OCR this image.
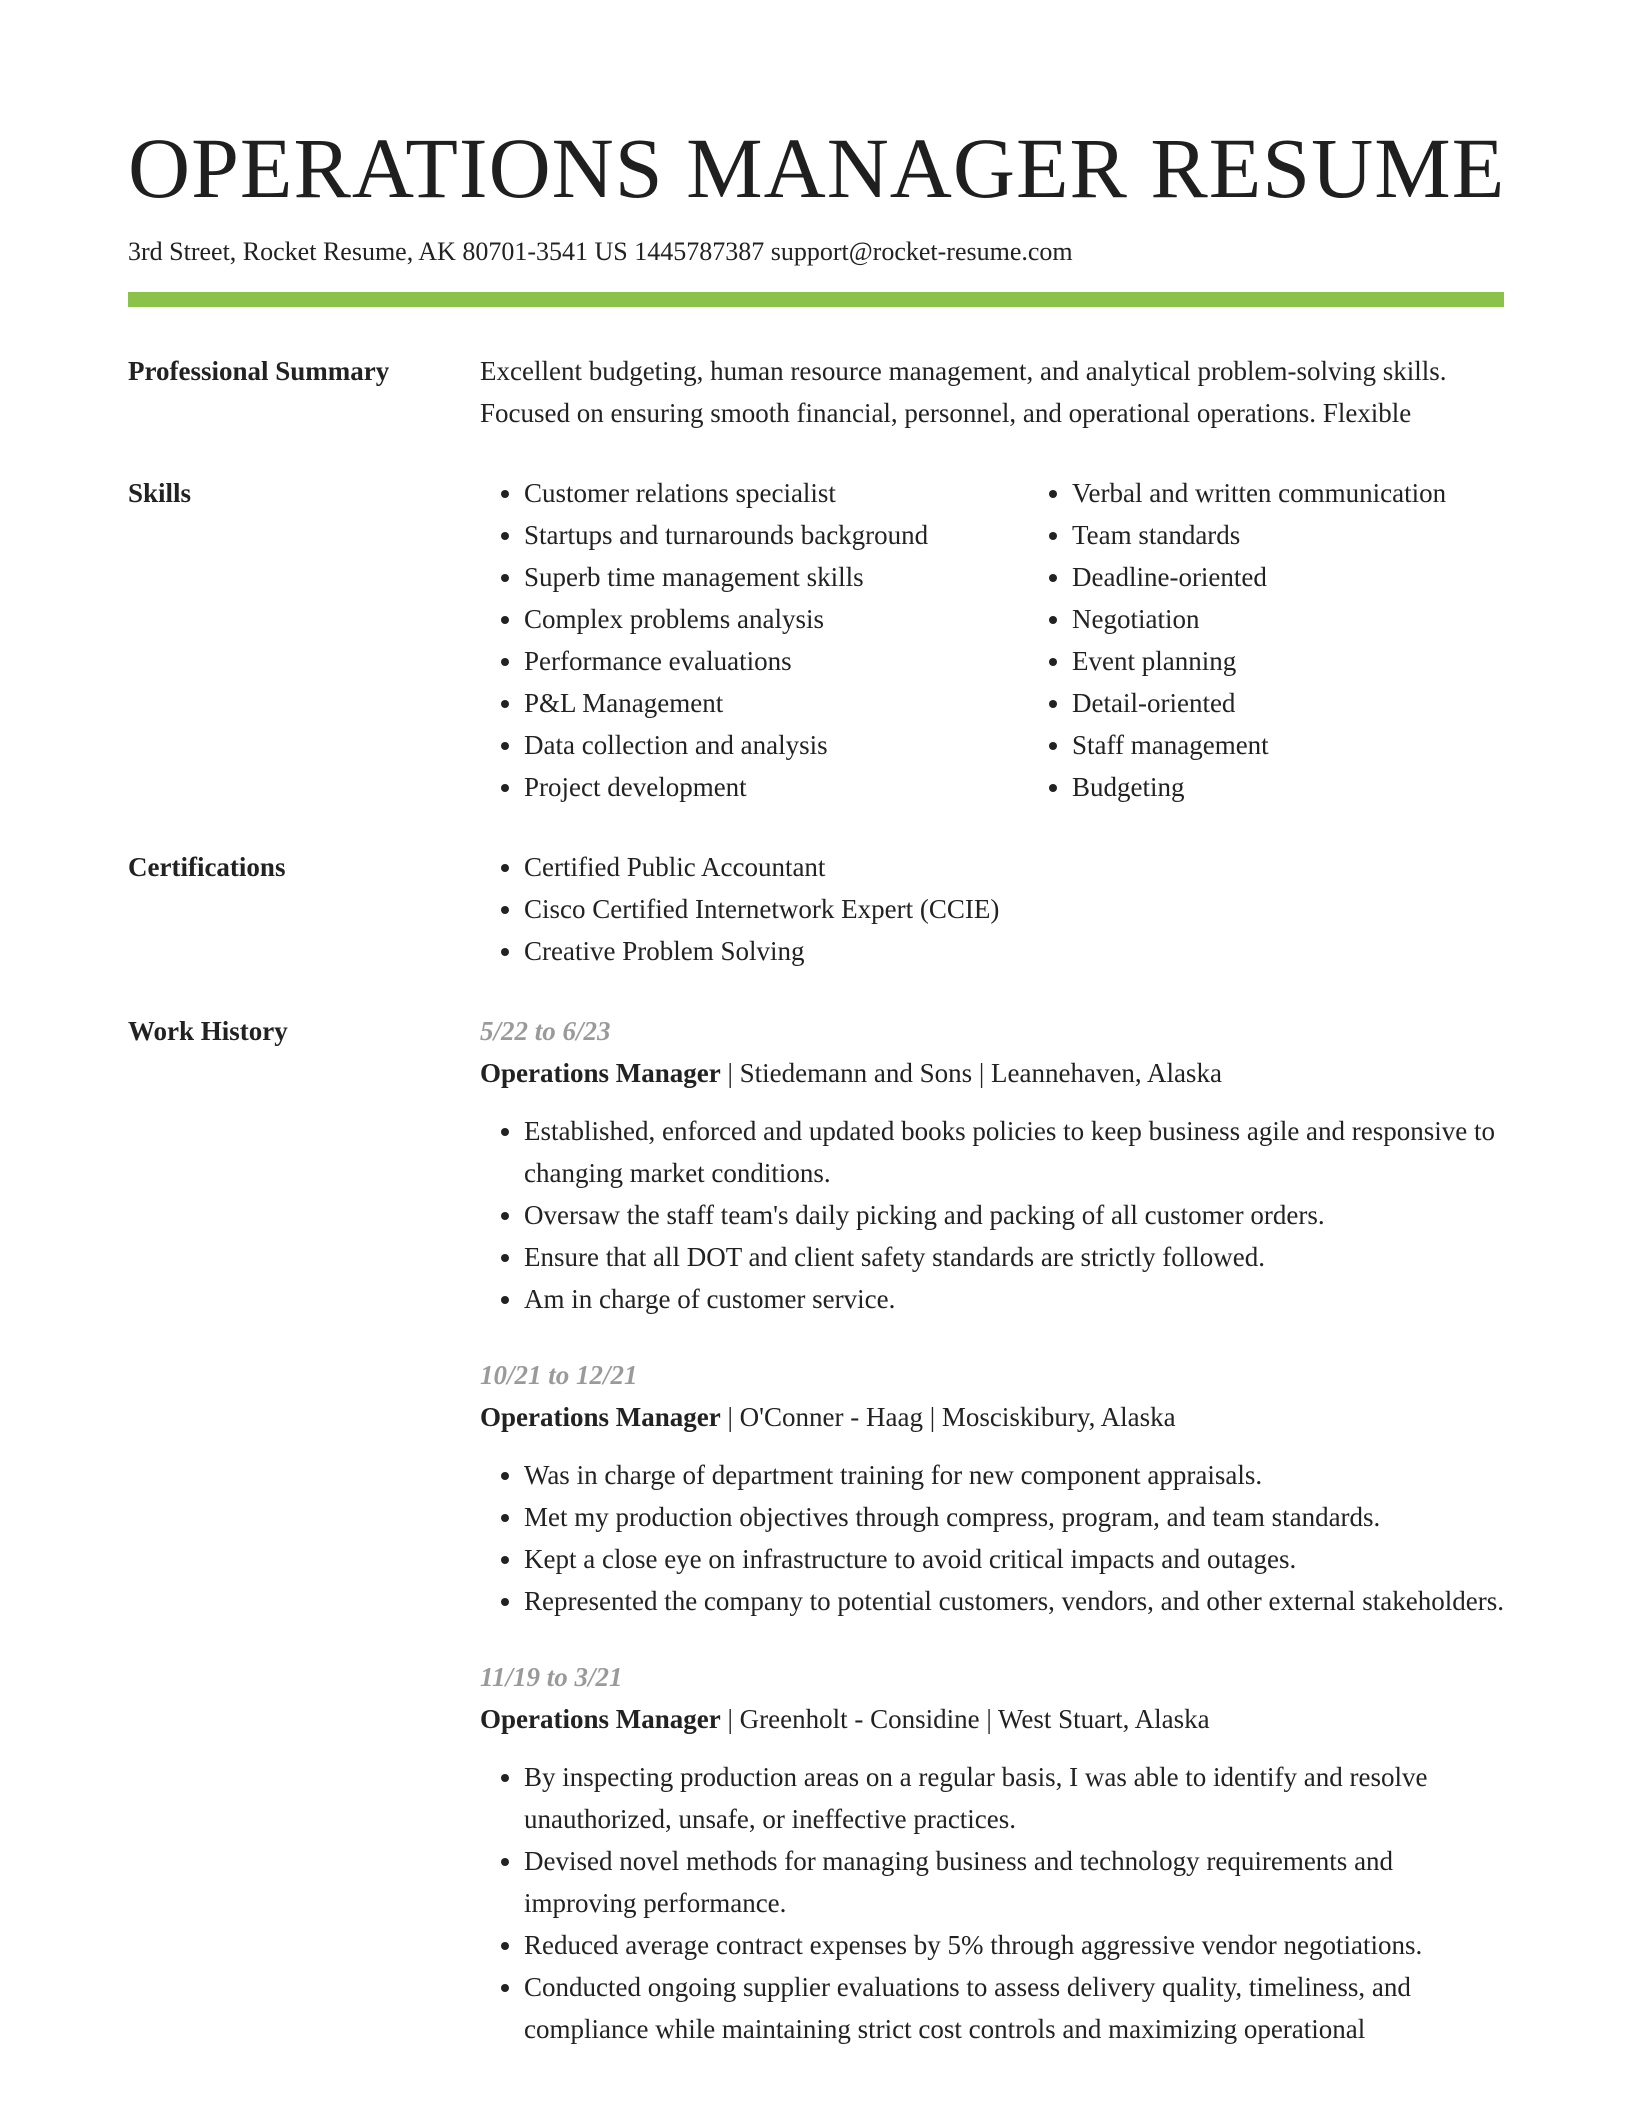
OPERATIONS MANAGER RESUME
3rd Street, Rocket Resume, AK 80701-3541 US 1445787387 support@rocket-resume.com
Professional Summary	Excellent budgeting, human resource management, and analytical problem-solving skills. Focused on ensuring smooth financial, personnel, and operational operations. Flexible

Skills	• Customer relations specialist
• Startups and turnarounds background
• Superb time management skills
• Complex problems analysis
• Performance evaluations
• P&L Management
• Data collection and analysis
• Project development
• Verbal and written communication
• Team standards
• Deadline-oriented
• Negotiation
• Event planning
• Detail-oriented
• Staff management
• Budgeting
Certifications	• Certified Public Accountant
• Cisco Certified Internetwork Expert (CCIE)
• Creative Problem Solving
Work History	5/22 to 6/23
Operations Manager | Stiedemann and Sons | Leannehaven, Alaska
• Established, enforced and updated books policies to keep business agile and responsive to changing market conditions.
• Oversaw the staff team's daily picking and packing of all customer orders.
• Ensure that all DOT and client safety standards are strictly followed.
• Am in charge of customer service.
10/21 to 12/21
Operations Manager | O'Conner - Haag | Mosciskibury, Alaska
• Was in charge of department training for new component appraisals.
• Met my production objectives through compress, program, and team standards.
• Kept a close eye on infrastructure to avoid critical impacts and outages.
• Represented the company to potential customers, vendors, and other external stakeholders.
11/19 to 3/21
Operations Manager | Greenholt - Considine | West Stuart, Alaska
• By inspecting production areas on a regular basis, I was able to identify and resolve unauthorized, unsafe, or ineffective practices.
• Devised novel methods for managing business and technology requirements and improving performance.
• Reduced average contract expenses by 5% through aggressive vendor negotiations.
• Conducted ongoing supplier evaluations to assess delivery quality, timeliness, and compliance while maintaining strict cost controls and maximizing operational
